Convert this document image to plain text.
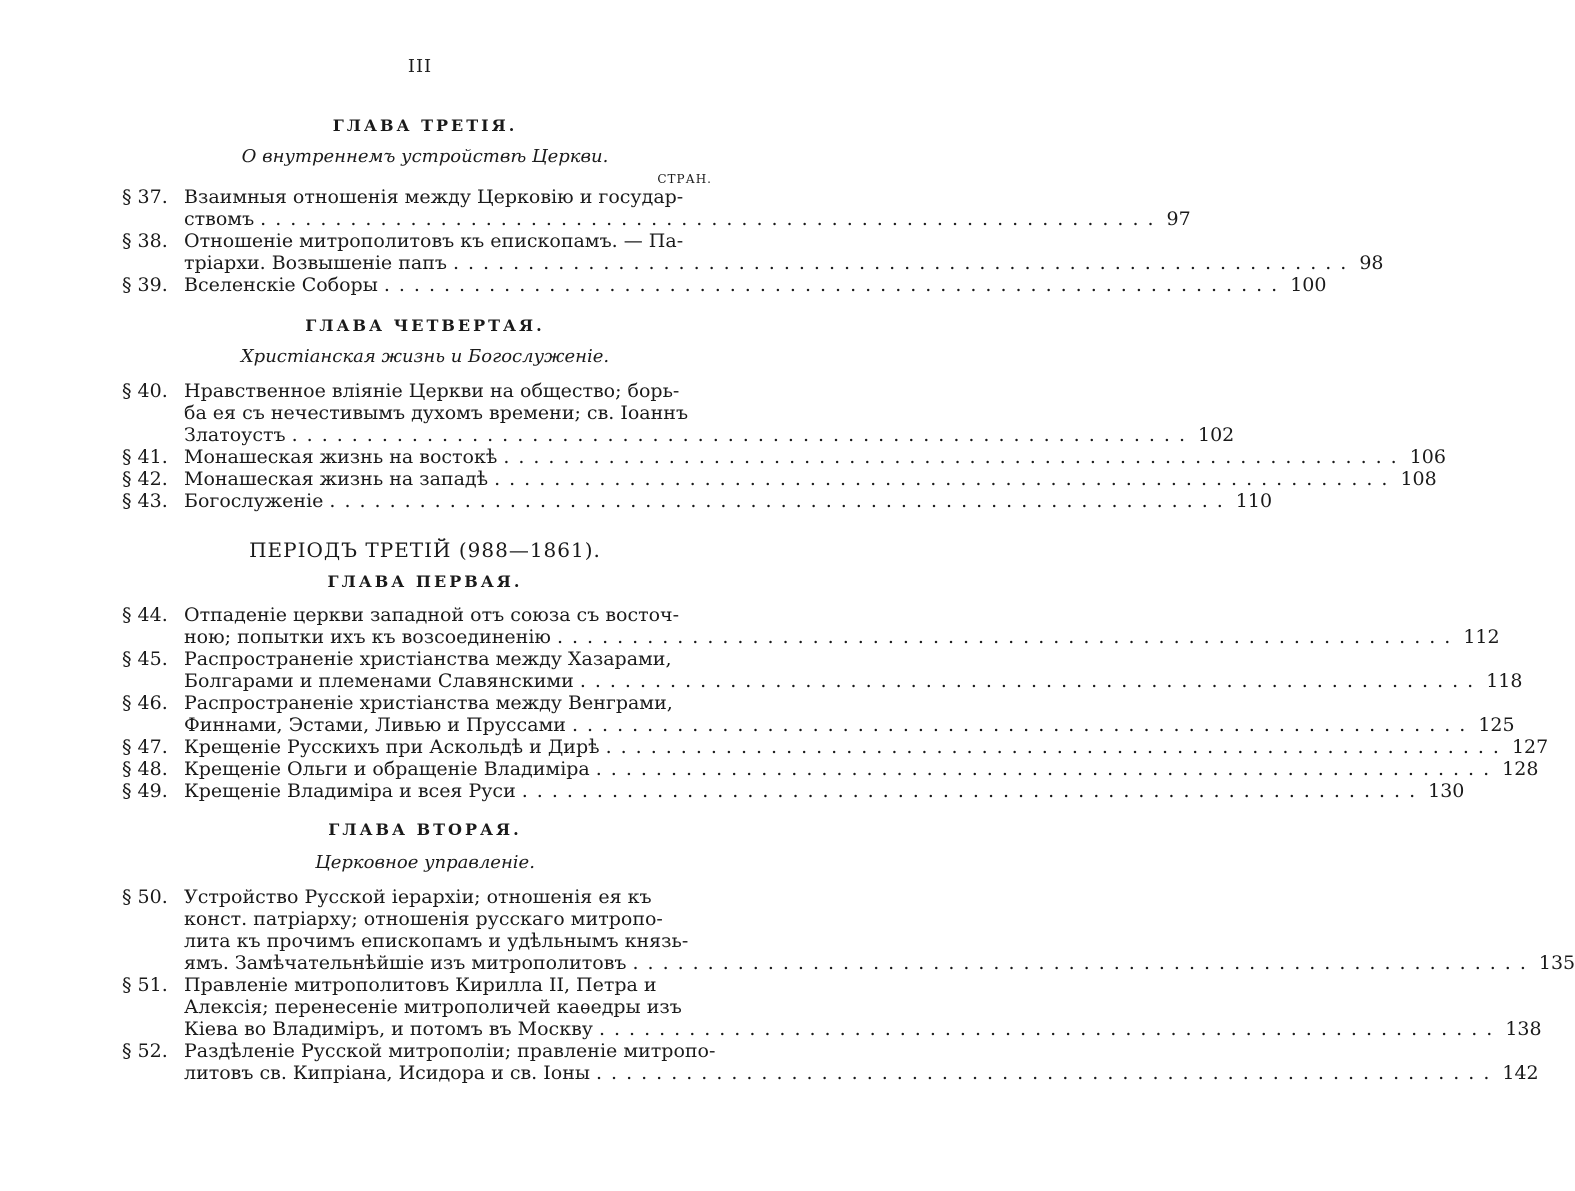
III
ГЛАВА ТРЕТІЯ.
О внутреннемъ устройствѣ Церкви.
СТРАН.
§ 37. Взаимныя отношенія между Церковію и государ-
ствомъ ............................................................ 97
§ 38. Отношеніе митрополитовъ къ епископамъ. — Па-
тріархи. Возвышеніе папъ ............................................................ 98
§ 39. Вселенскіе Соборы ............................................................ 100
ГЛАВА ЧЕТВЕРТАЯ.
Христіанская жизнь и Богослуженіе.
§ 40. Нравственное вліяніе Церкви на общество; борь-
ба ея съ нечестивымъ духомъ времени; св. Іоаннъ
Златоустъ ............................................................ 102
§ 41. Монашеская жизнь на востокѣ ............................................................ 106
§ 42. Монашеская жизнь на западѣ ............................................................ 108
§ 43. Богослуженіе ............................................................ 110
ПЕРІОДЪ ТРЕТІЙ (988—1861).
ГЛАВА ПЕРВАЯ.
§ 44. Отпаденіе церкви западной отъ союза съ восточ-
ною; попытки ихъ къ возсоединенію ............................................................ 112
§ 45. Распространеніе христіанства между Хазарами,
Болгарами и племенами Славянскими ............................................................ 118
§ 46. Распространеніе христіанства между Венграми,
Финнами, Эстами, Ливью и Пруссами ............................................................ 125
§ 47. Крещеніе Русскихъ при Аскольдѣ и Дирѣ ............................................................ 127
§ 48. Крещеніе Ольги и обращеніе Владиміра ............................................................ 128
§ 49. Крещеніе Владиміра и всея Руси ............................................................ 130
ГЛАВА ВТОРАЯ.
Церковное управленіе.
§ 50. Устройство Русской іерархіи; отношенія ея къ
конст. патріарху; отношенія русскаго митропо-
лита къ прочимъ епископамъ и удѣльнымъ князь-
ямъ. Замѣчательнѣйшіе изъ митрополитовъ ............................................................ 135
§ 51. Правленіе митрополитовъ Кирилла II, Петра и
Алексія; перенесеніе митрополичей каѳедры изъ
Кіева во Владиміръ, и потомъ въ Москву ............................................................ 138
§ 52. Раздѣленіе Русской митрополіи; правленіе митропо-
литовъ св. Кипріана, Исидора и св. Іоны ............................................................ 142
